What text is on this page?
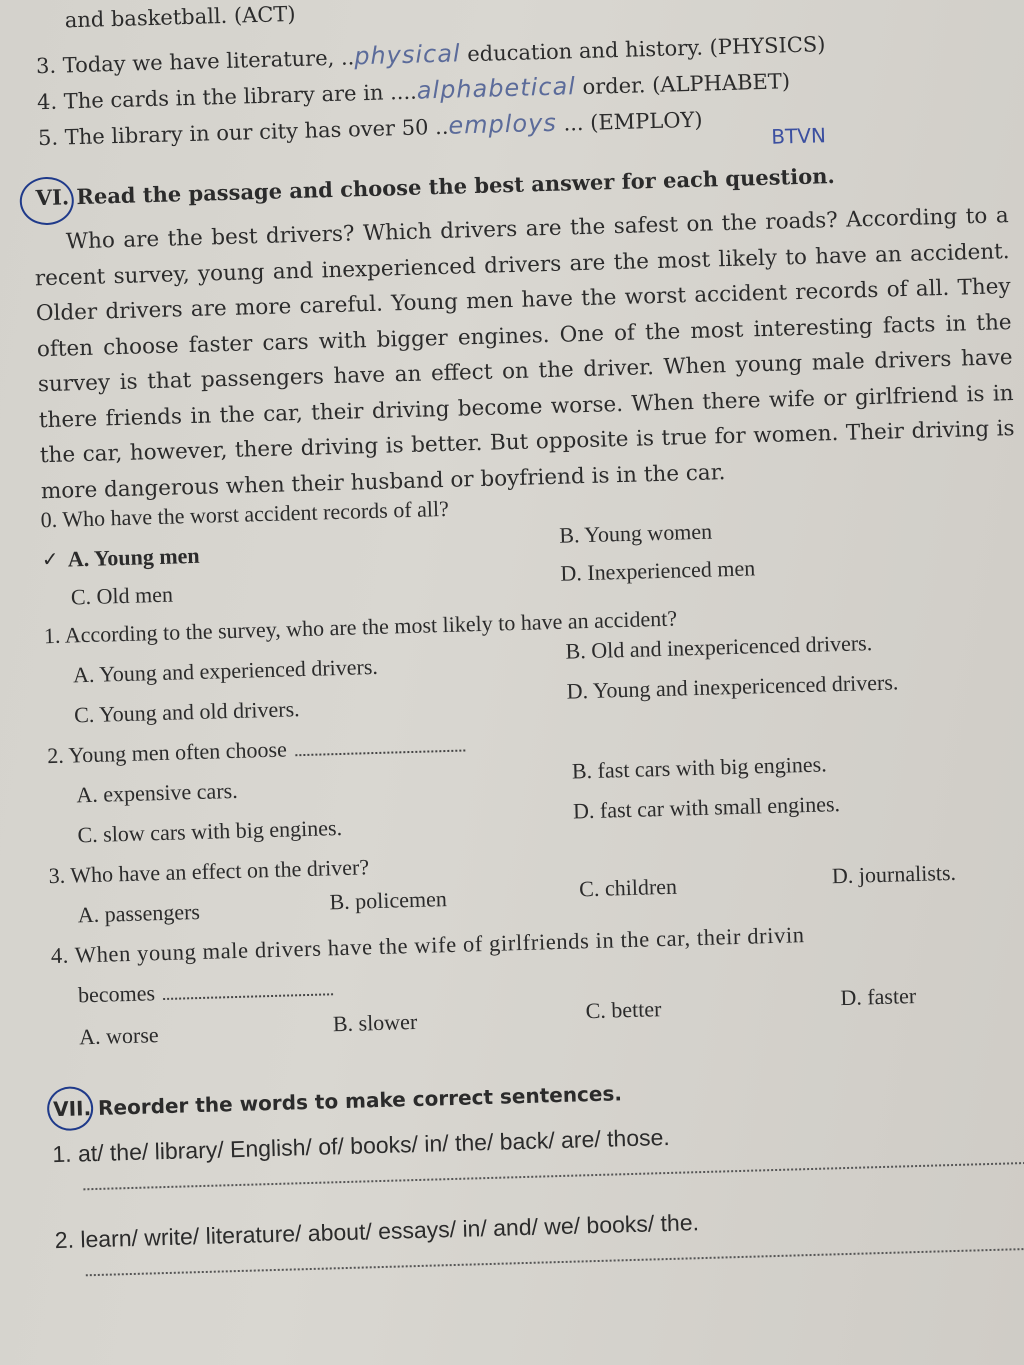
and basketball. (ACT)
3. Today we have literature, ..physical education and history. (PHYSICS)
4. The cards in the library are in ....alphabetical order. (ALPHABET)
5. The library in our city has over 50 ..employs ... (EMPLOY)
BTVN
VI. Read the passage and choose the best answer for each question.
Who are the best drivers? Which drivers are the safest on the roads? According to a recent survey, young and inexperienced drivers are the most likely to have an accident. Older drivers are more careful. Young men have the worst accident records of all. They often choose faster cars with bigger engines. One of the most interesting facts in the survey is that passengers have an effect on the driver. When young male drivers have there friends in the car, their driving become worse. When there wife or girlfriend is in the car, however, there driving is better. But opposite is true for women. Their driving is more dangerous when their husband or boyfriend is in the car.
0. Who have the worst accident records of all?
✓ A. Young men
B. Young women
C. Old men
D. Inexperienced men
1. According to the survey, who are the most likely to have an accident?
A. Young and experienced drivers.
B. Old and inexpericenced drivers.
C. Young and old drivers.
D. Young and inexpericenced drivers.
2. Young men often choose
A. expensive cars.
B. fast cars with big engines.
C. slow cars with big engines.
D. fast car with small engines.
3. Who have an effect on the driver?
A. passengers	B. policemen	C. children	D. journalists.
4. When young male drivers have the wife of girlfriends in the car, their drivin
becomes
A. worse	B. slower	C. better	D. faster
VII. Reorder the words to make correct sentences.
1. at/ the/ library/ English/ of/ books/ in/ the/ back/ are/ those.
2. learn/ write/ literature/ about/ essays/ in/ and/ we/ books/ the.
